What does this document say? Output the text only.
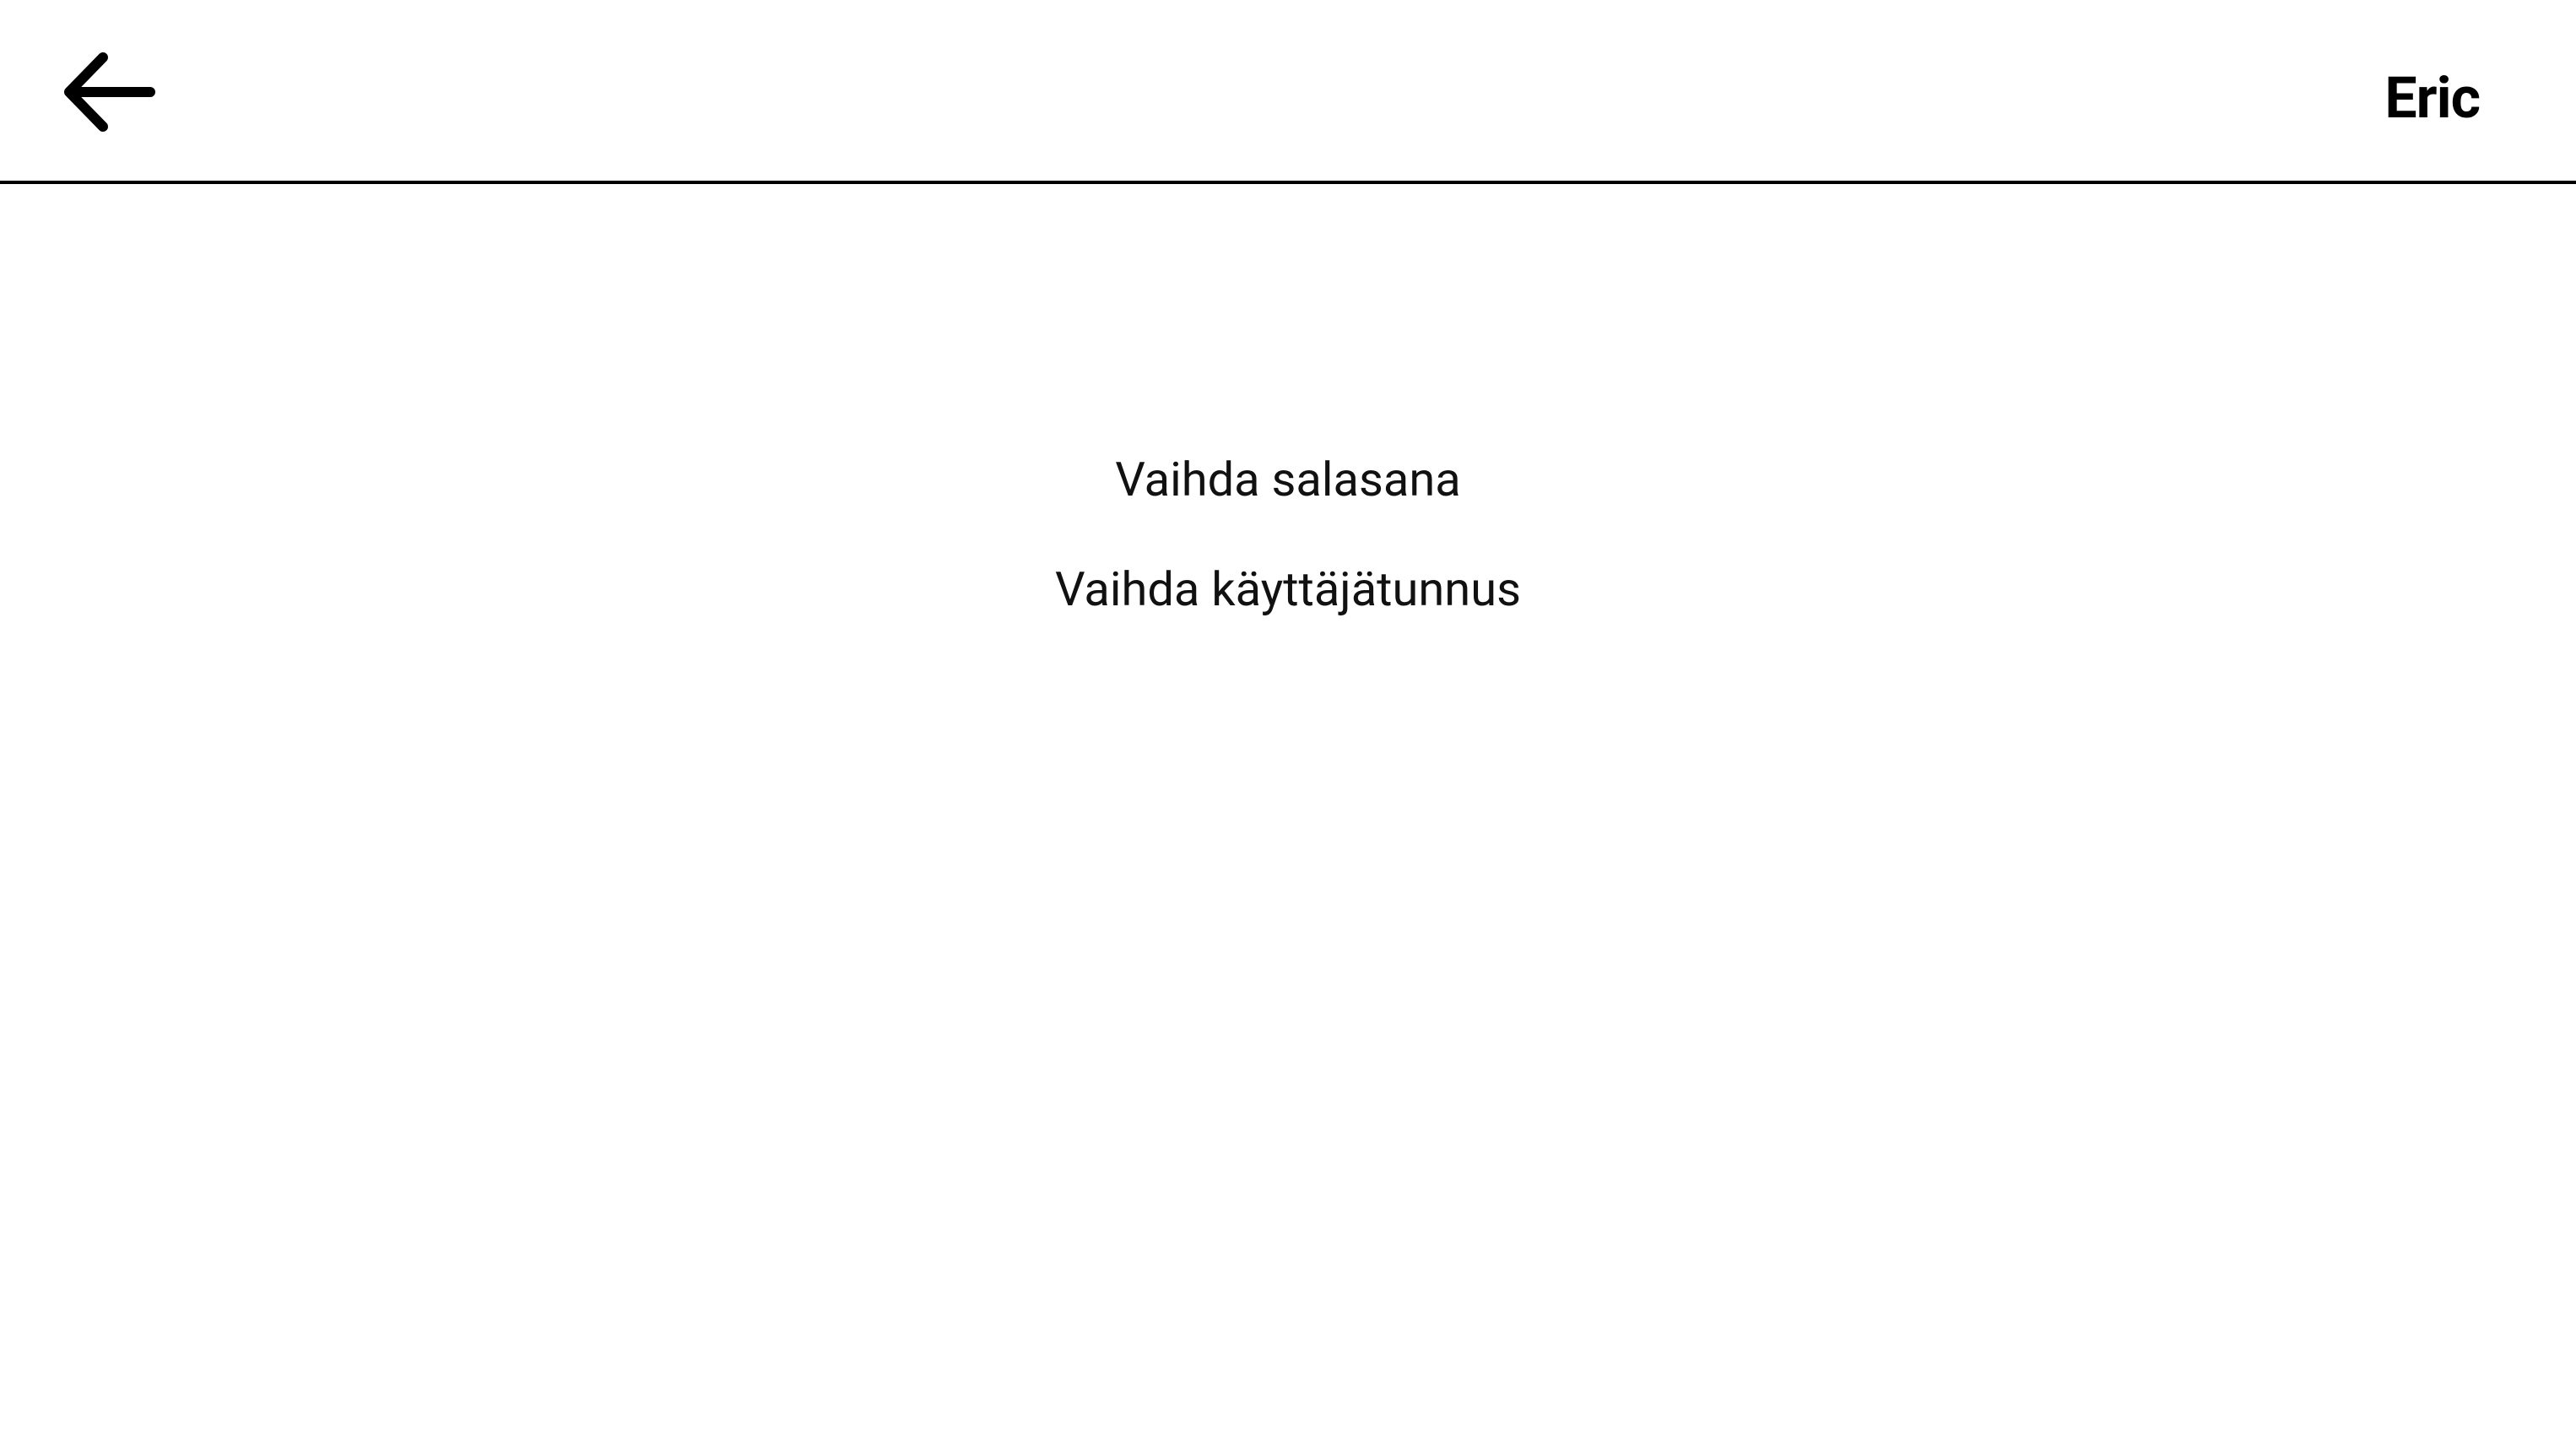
Eric
Vaihda salasana
Vaihda käyttäjätunnus
